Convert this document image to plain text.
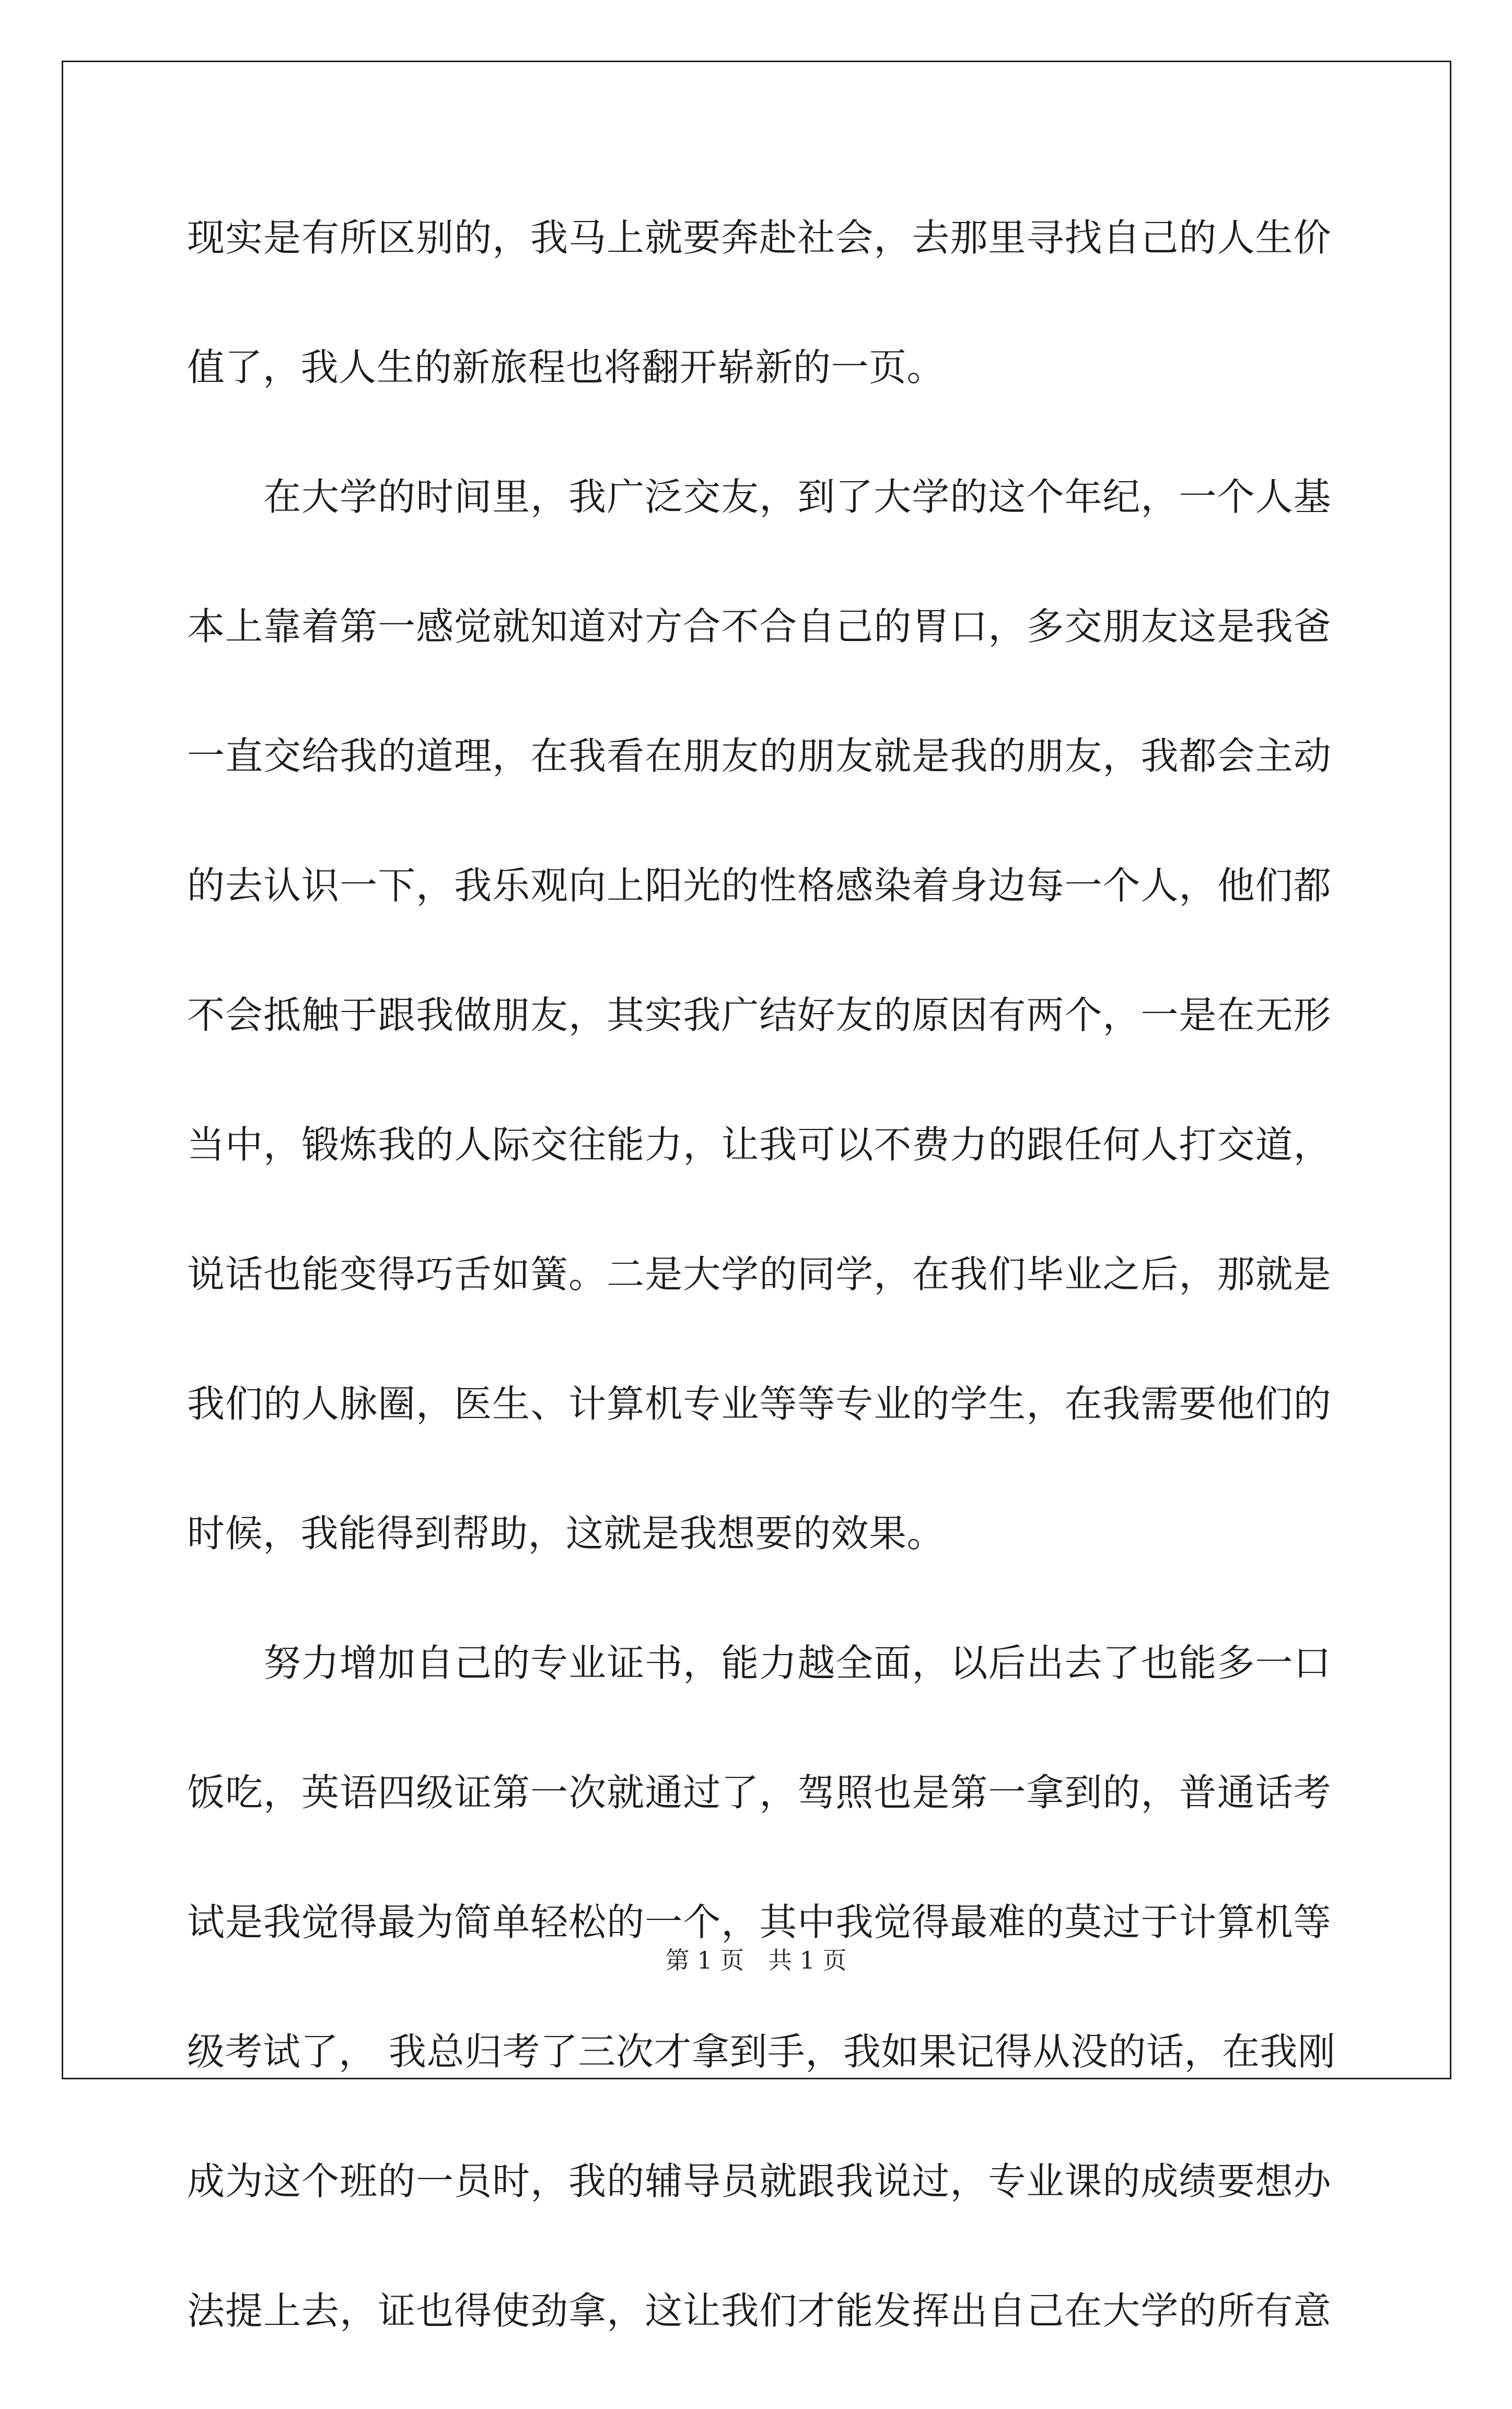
现实是有所区别的，我马上就要奔赴社会，去那里寻找自己的人生价
值了，我人生的新旅程也将翻开崭新的一页。
在大学的时间里，我广泛交友，到了大学的这个年纪，一个人基
本上靠着第一感觉就知道对方合不合自己的胃口，多交朋友这是我爸
一直交给我的道理，在我看在朋友的朋友就是我的朋友，我都会主动
的去认识一下，我乐观向上阳光的性格感染着身边每一个人，他们都
不会抵触于跟我做朋友，其实我广结好友的原因有两个，一是在无形
当中，锻炼我的人际交往能力，让我可以不费力的跟任何人打交道，
说话也能变得巧舌如簧。二是大学的同学，在我们毕业之后，那就是
我们的人脉圈，医生、计算机专业等等专业的学生，在我需要他们的
时候，我能得到帮助，这就是我想要的效果。
努力增加自己的专业证书，能力越全面，以后出去了也能多一口
饭吃，英语四级证第一次就通过了，驾照也是第一拿到的，普通话考
试是我觉得最为简单轻松的一个，其中我觉得最难的莫过于计算机等
级考试了， 我总归考了三次才拿到手，我如果记得从没的话，在我刚
成为这个班的一员时，我的辅导员就跟我说过，专业课的成绩要想办
法提上去，证也得使劲拿，这让我们才能发挥出自己在大学的所有意
第 1 页　共 1 页
